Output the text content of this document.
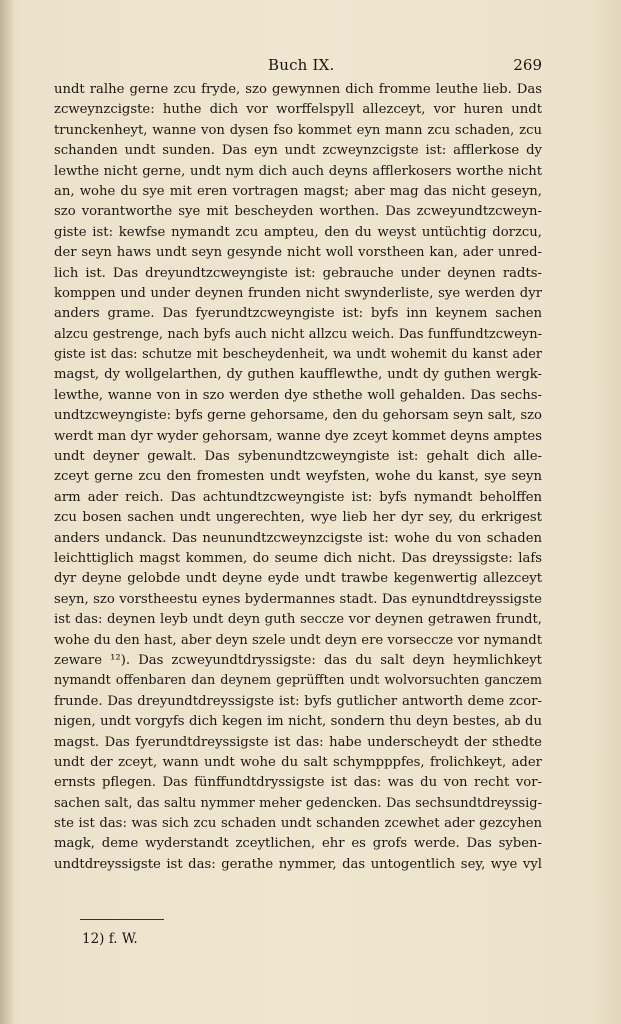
Buch IX.	269
undt ralhe gerne zcu fryde, szo gewynnen dich fromme leuthe lieb. Das
zcweynzcigste: huthe dich vor worffelspyll allezceyt, vor huren undt
trunckenheyt, wanne von dysen fso kommet eyn mann zcu schaden, zcu
schanden undt sunden. Das eyn undt zcweynzcigste ist: afflerkose dy
lewthe nicht gerne, undt nym dich auch deyns afflerkosers worthe nicht
an, wohe du sye mit eren vortragen magst; aber mag das nicht geseyn,
szo vorantworthe sye mit bescheyden worthen. Das zcweyundtzcweyn-
giste ist: kewfse nymandt zcu ampteu, den du weyst untüchtig dorzcu,
der seyn haws undt seyn gesynde nicht woll vorstheen kan, ader unred-
lich ist. Das dreyundtzcweyngiste ist: gebrauche under deynen radts-
komppen und under deynen frunden nicht swynderliste, sye werden dyr
anders grame. Das fyerundtzcweyngiste ist: byfs inn keynem sachen
alzcu gestrenge, nach byfs auch nicht allzcu weich. Das funffundtzcweyn-
giste ist das: schutze mit bescheydenheit, wa undt wohemit du kanst ader
magst, dy wollgelarthen, dy guthen kaufflewthe, undt dy guthen wergk-
lewthe, wanne von in szo werden dye sthethe woll gehalden. Das sechs-
undtzcweyngiste: byfs gerne gehorsame, den du gehorsam seyn salt, szo
werdt man dyr wyder gehorsam, wanne dye zceyt kommet deyns amptes
undt deyner gewalt. Das sybenundtzcweyngiste ist: gehalt dich alle-
zceyt gerne zcu den fromesten undt weyfsten, wohe du kanst, sye seyn
arm ader reich. Das achtundtzcweyngiste ist: byfs nymandt beholffen
zcu bosen sachen undt ungerechten, wye lieb her dyr sey, du erkrigest
anders undanck. Das neunundtzcweynzcigste ist: wohe du von schaden
leichttiglich magst kommen, do seume dich nicht. Das dreyssigste: lafs
dyr deyne gelobde undt deyne eyde undt trawbe kegenwertig allezceyt
seyn, szo vorstheestu eynes bydermannes stadt. Das eynundtdreyssigste
ist das: deynen leyb undt deyn guth seccze vor deynen getrawen frundt,
wohe du den hast, aber deyn szele undt deyn ere vorseccze vor nymandt
zeware ¹²). Das zcweyundtdryssigste: das du salt deyn heymlichkeyt
nymandt offenbaren dan deynem geprüfften undt wolvorsuchten ganczem
frunde. Das dreyundtdreyssigste ist: byfs gutlicher antworth deme zcor-
nigen, undt vorgyfs dich kegen im nicht, sondern thu deyn bestes, ab du
magst. Das fyerundtdreyssigste ist das: habe underscheydt der sthedte
undt der zceyt, wann undt wohe du salt schympppfes, frolichkeyt, ader
ernsts pflegen. Das fünffundtdryssigste ist das: was du von recht vor-
sachen salt, das saltu nymmer meher gedencken. Das sechsundtdreyssig-
ste ist das: was sich zcu schaden undt schanden zcewhet ader gezcyhen
magk, deme wyderstandt zceytlichen, ehr es grofs werde. Das syben-
undtdreyssigste ist das: gerathe nymmer, das untogentlich sey, wye vyl
12) f. W.
